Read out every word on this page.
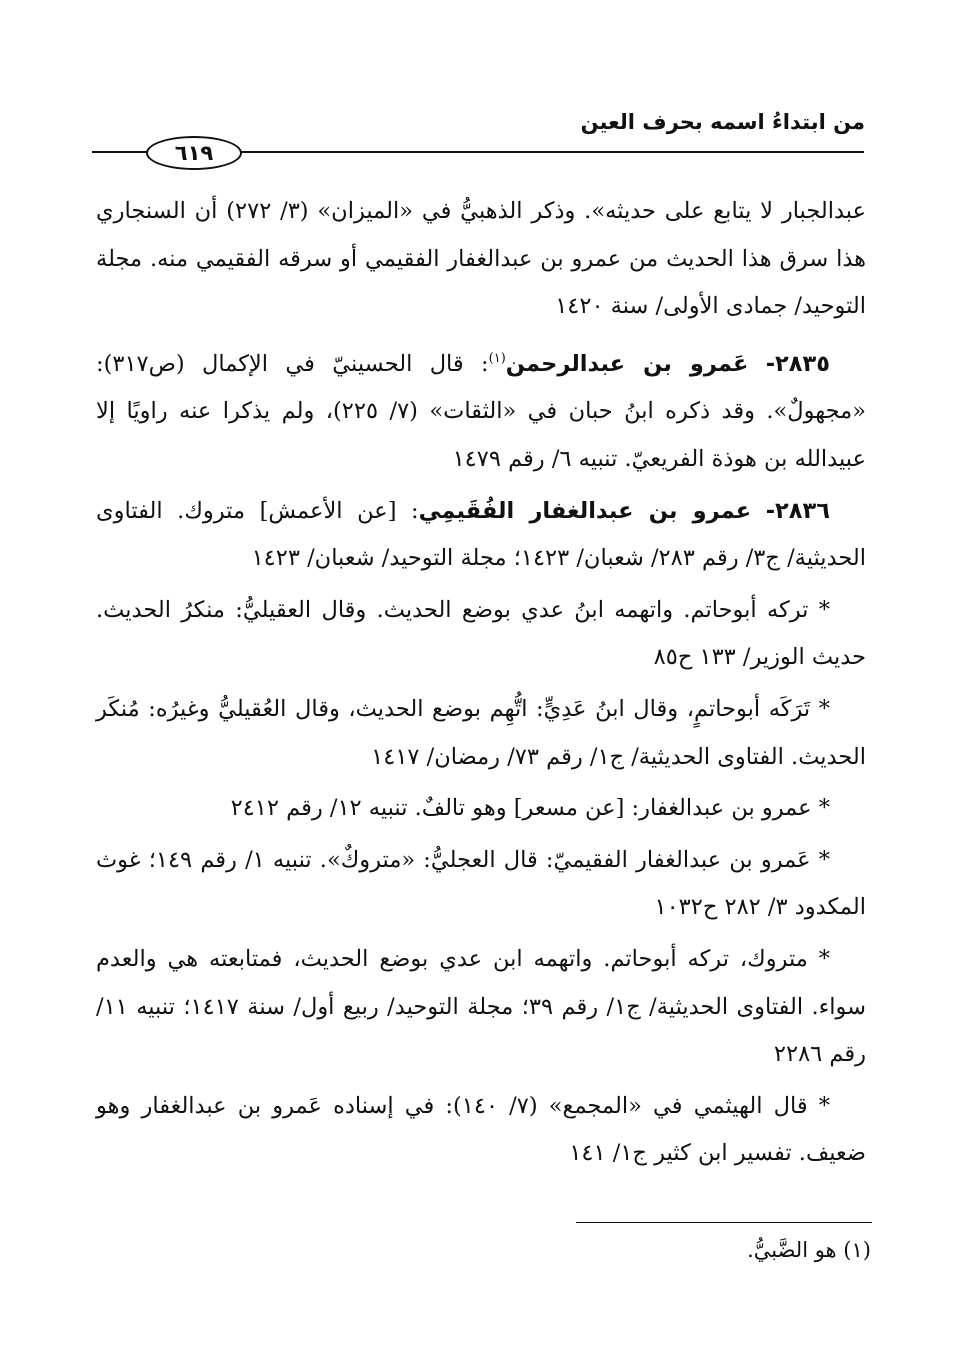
من ابتداءُ اسمه بحرف العين
٦١٩

عبدالجبار لا يتابع على حديثه». وذكر الذهبيُّ في «الميزان» (٣/ ٢٧٢) أن السنجاري هذا سرق هذا الحديث من عمرو بن عبدالغفار الفقيمي أو سرقه الفقيمي منه. مجلة التوحيد/ جمادى الأولى/ سنة ١٤٢٠

٢٨٣٥- عَمرو بن عبدالرحمن$^{(١)}$: قال الحسينيّ في الإكمال (ص٣١٧): «مجهولٌ». وقد ذكره ابنُ حبان في «الثقات» (٧/ ٢٢٥)، ولم يذكرا عنه راويًا إلا عبيدالله بن هوذة الفريعيّ. تنبيه ٦/ رقم ١٤٧٩

٢٨٣٦- عمرو بن عبدالغفار الفُقَيمِي: [عن الأعمش] متروك. الفتاوى الحديثية/ ج٣/ رقم ٢٨٣/ شعبان/ ١٤٢٣؛ مجلة التوحيد/ شعبان/ ١٤٢٣

* تركه أبوحاتم. واتهمه ابنُ عدي بوضع الحديث. وقال العقيليُّ: منكرُ الحديث. حديث الوزير/ ١٣٣ ح٨٥

* تَرَكَه أبوحاتمٍ، وقال ابنُ عَدِيٍّ: اتُّهِم بوضع الحديث، وقال العُقيليُّ وغيرُه: مُنكَر الحديث. الفتاوى الحديثية/ ج١/ رقم ٧٣/ رمضان/ ١٤١٧

* عمرو بن عبدالغفار: [عن مسعر] وهو تالفٌ. تنبيه ١٢/ رقم ٢٤١٢

* عَمرو بن عبدالغفار الفقيميّ: قال العجليُّ: «متروكٌ». تنبيه ١/ رقم ١٤٩؛ غوث المكدود ٣/ ٢٨٢ ح١٠٣٢

* متروك، تركه أبوحاتم. واتهمه ابن عدي بوضع الحديث، فمتابعته هي والعدم سواء. الفتاوى الحديثية/ ج١/ رقم ٣٩؛ مجلة التوحيد/ ربيع أول/ سنة ١٤١٧؛ تنبيه ١١/ رقم ٢٢٨٦

* قال الهيثمي في «المجمع» (٧/ ١٤٠): في إسناده عَمرو بن عبدالغفار وهو ضعيف. تفسير ابن كثير ج١/ ١٤١

(١) هو الضَّبيُّ.
